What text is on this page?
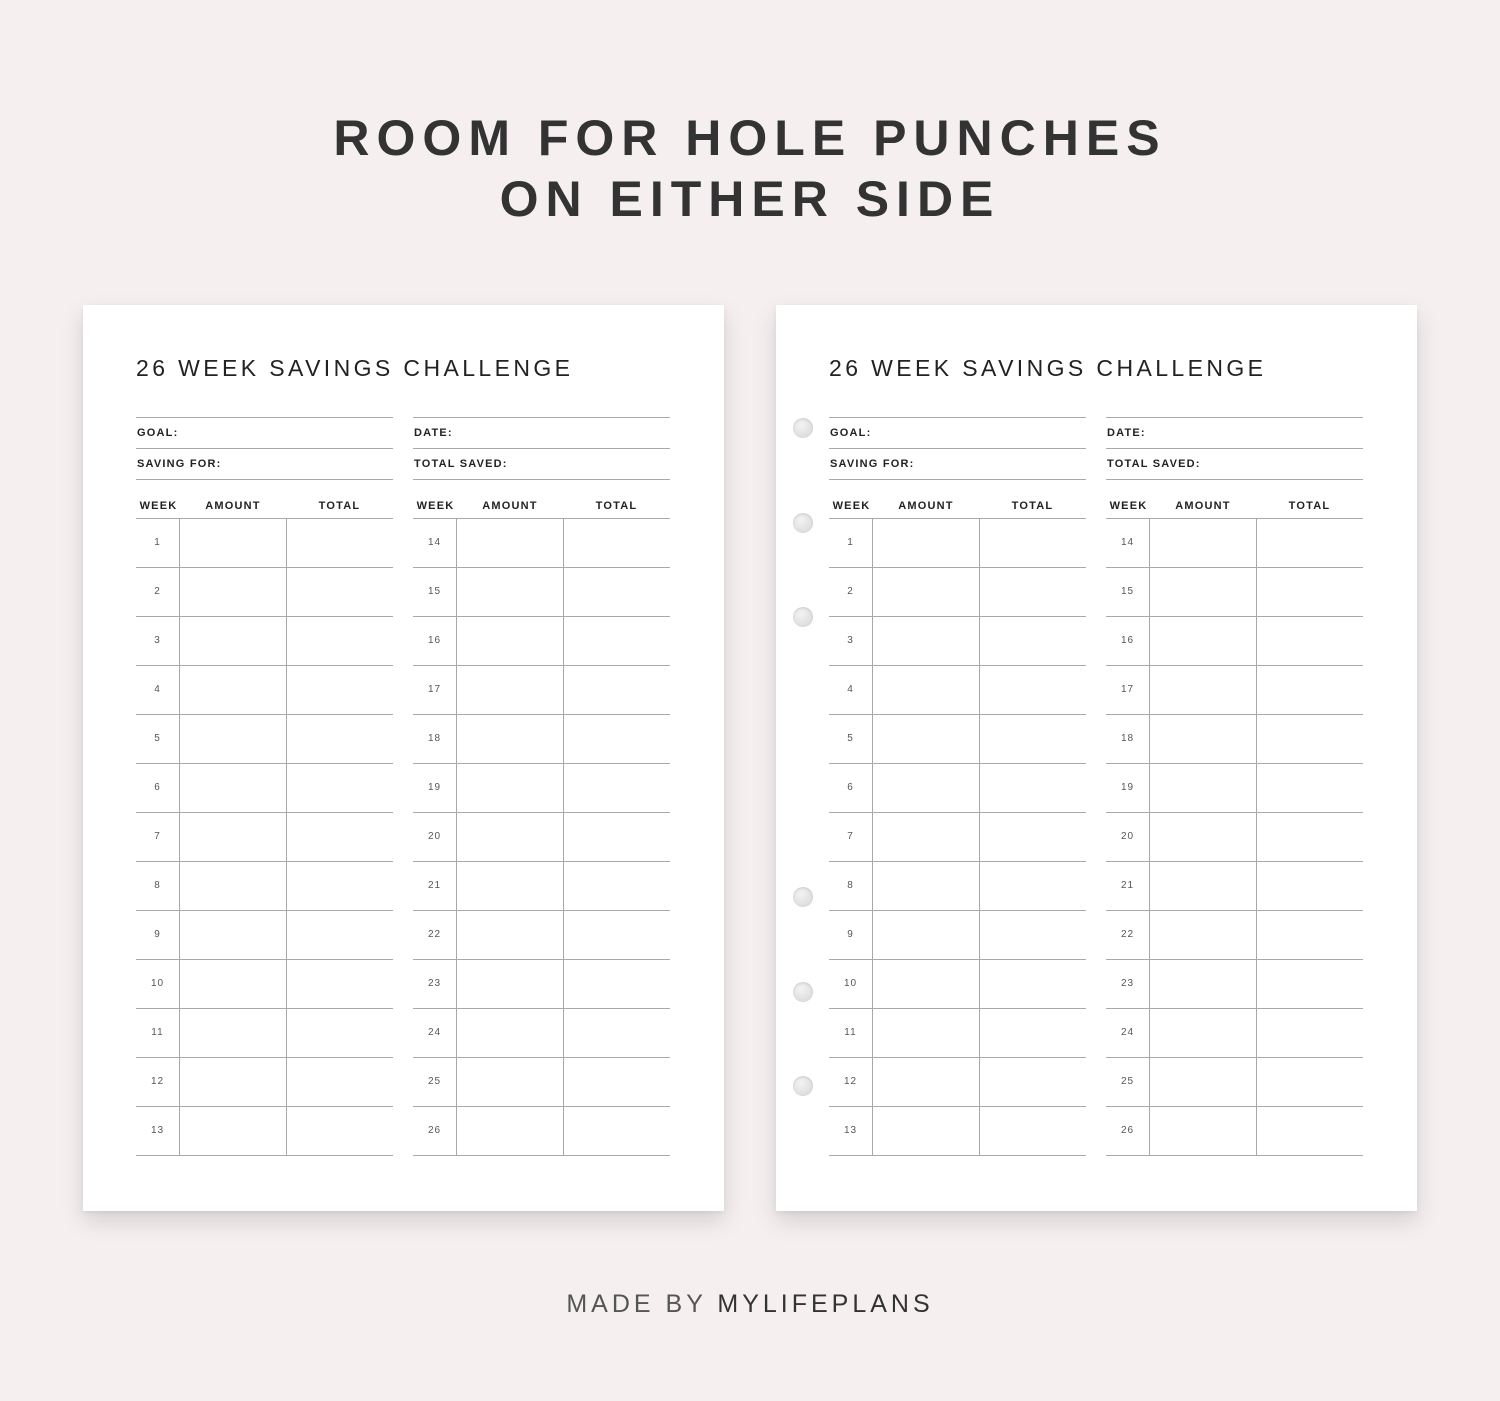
ROOM FOR HOLE PUNCHES
ON EITHER SIDE
26 WEEK SAVINGS CHALLENGE
GOAL:
SAVING FOR:
DATE:
TOTAL SAVED:
WEEK	AMOUNT	TOTAL
1
2
3
4
5
6
7
8
9
10
11
12
13
WEEK	AMOUNT	TOTAL
14
15
16
17
18
19
20
21
22
23
24
25
26
26 WEEK SAVINGS CHALLENGE
GOAL:
SAVING FOR:
DATE:
TOTAL SAVED:
WEEK	AMOUNT	TOTAL
1
2
3
4
5
6
7
8
9
10
11
12
13
WEEK	AMOUNT	TOTAL
14
15
16
17
18
19
20
21
22
23
24
25
26
MADE BY MYLIFEPLANS
